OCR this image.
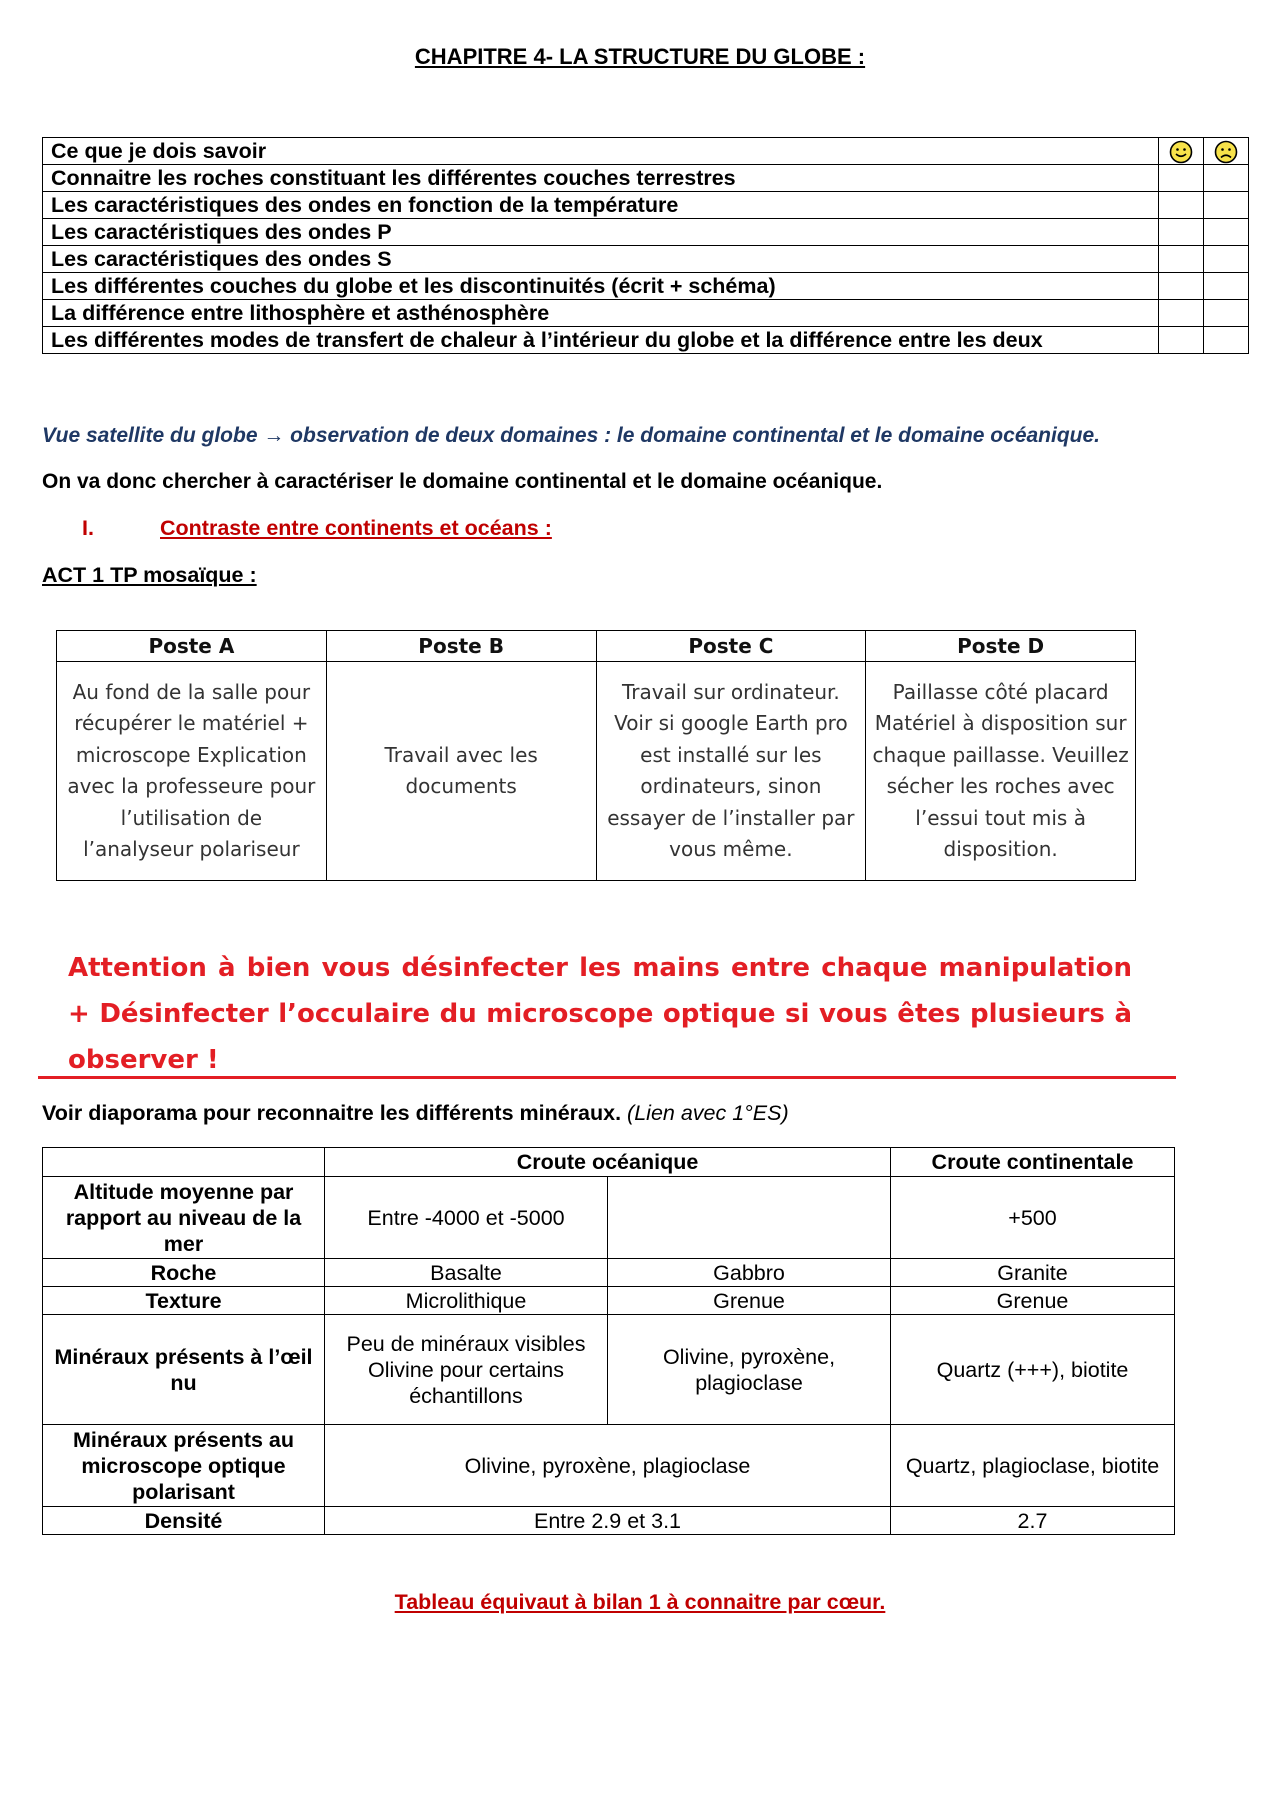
CHAPITRE 4- LA STRUCTURE DU GLOBE :
Ce que je dois savoir		
Connaitre les roches constituant les différentes couches terrestres		
Les caractéristiques des ondes en fonction de la température		
Les caractéristiques des ondes P		
Les caractéristiques des ondes S		
Les différentes couches du globe et les discontinuités (écrit + schéma)		
La différence entre lithosphère et asthénosphère		
Les différentes modes de transfert de chaleur à l’intérieur du globe et la différence entre les deux		
Vue satellite du globe → observation de deux domaines : le domaine continental et le domaine océanique.
On va donc chercher à caractériser le domaine continental et le domaine océanique.
I.	Contraste entre continents et océans :
ACT 1 TP mosaïque :
Poste A	Poste B	Poste C	Poste D
Au fond de la salle pour récupérer le matériel + microscope Explication avec la professeure pour l’utilisation de l’analyseur polariseur	Travail avec les documents	Travail sur ordinateur. Voir si google Earth pro est installé sur les ordinateurs, sinon essayer de l’installer par vous même.	Paillasse côté placard Matériel à disposition sur chaque paillasse. Veuillez sécher les roches avec l’essui tout mis à disposition.
Attention à bien vous désinfecter les mains entre chaque manipulation + Désinfecter l’occulaire du microscope optique si vous êtes plusieurs à observer !
Voir diaporama pour reconnaitre les différents minéraux. (Lien avec 1°ES)
	Croute océanique		Croute continentale
Altitude moyenne par rapport au niveau de la mer	Entre -4000 et -5000		+500
Roche	Basalte	Gabbro	Granite
Texture	Microlithique	Grenue	Grenue
Minéraux présents à l’œil nu	Peu de minéraux visibles Olivine pour certains échantillons	Olivine, pyroxène, plagioclase	Quartz (+++), biotite
Minéraux présents au microscope optique polarisant	Olivine, pyroxène, plagioclase		Quartz, plagioclase, biotite
Densité	Entre 2.9 et 3.1		2.7
Tableau équivaut à bilan 1 à connaitre par cœur.
